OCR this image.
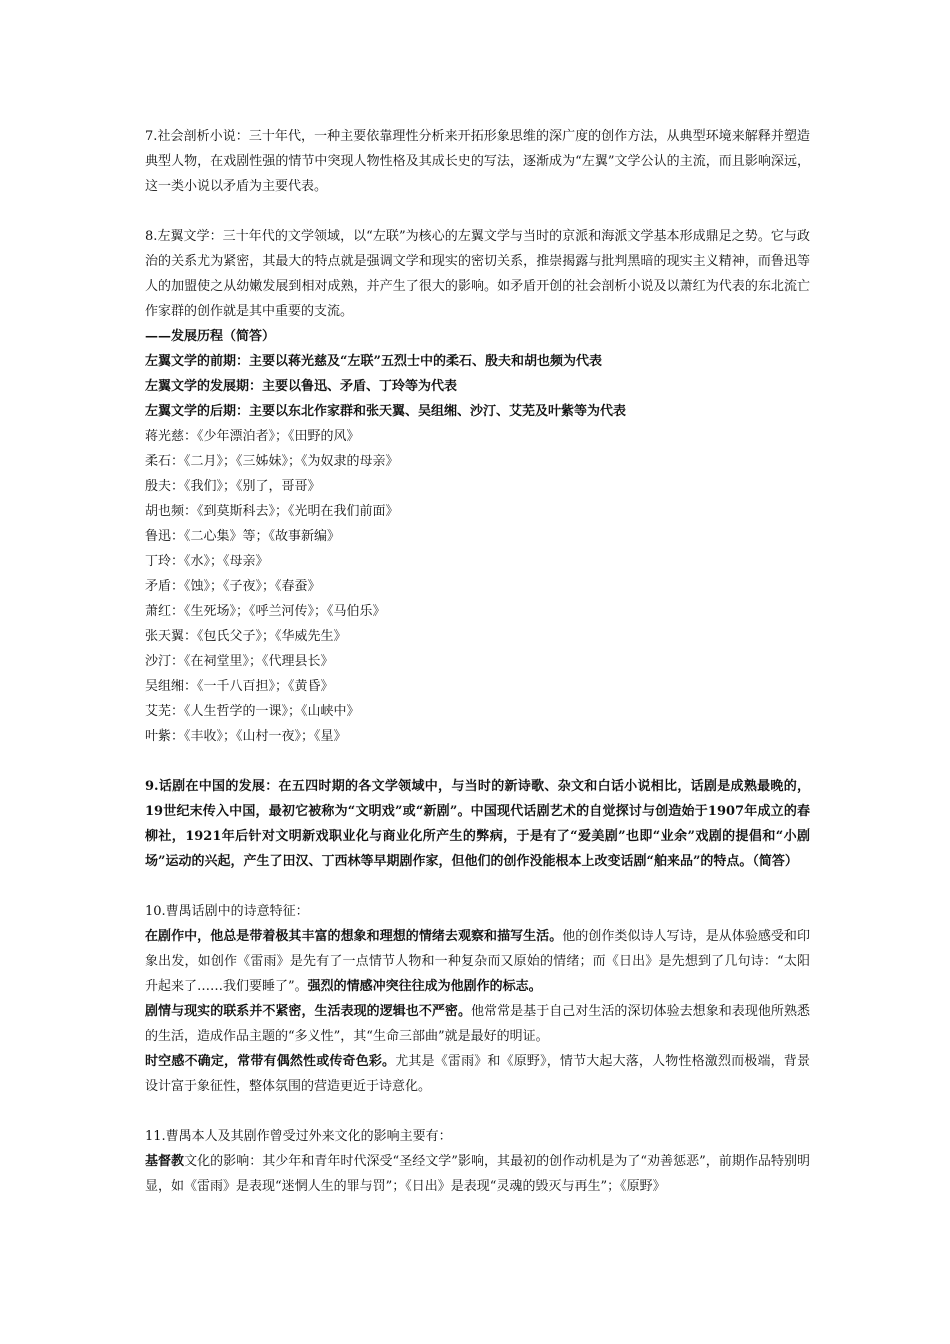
7.社会剖析小说：三十年代，一种主要依靠理性分析来开拓形象思维的深广度的创作方法，从典型环境来解释并塑造典型人物，在戏剧性强的情节中突现人物性格及其成长史的写法，逐渐成为“左翼”文学公认的主流，而且影响深远，这一类小说以矛盾为主要代表。

8.左翼文学：三十年代的文学领域，以“左联”为核心的左翼文学与当时的京派和海派文学基本形成鼎足之势。它与政治的关系尤为紧密，其最大的特点就是强调文学和现实的密切关系，推崇揭露与批判黑暗的现实主义精神，而鲁迅等人的加盟使之从幼嫩发展到相对成熟，并产生了很大的影响。如矛盾开创的社会剖析小说及以萧红为代表的东北流亡作家群的创作就是其中重要的支流。

——发展历程（简答）

左翼文学的前期：主要以蒋光慈及“左联”五烈士中的柔石、殷夫和胡也频为代表

左翼文学的发展期：主要以鲁迅、矛盾、丁玲等为代表

左翼文学的后期：主要以东北作家群和张天翼、吴组缃、沙汀、艾芜及叶紫等为代表

蒋光慈：《少年漂泊者》；《田野的风》

柔石：《二月》；《三姊妹》；《为奴隶的母亲》

殷夫：《我们》；《别了，哥哥》

胡也频：《到莫斯科去》；《光明在我们前面》

鲁迅：《二心集》等；《故事新编》

丁玲：《水》；《母亲》

矛盾：《蚀》；《子夜》；《春蚕》

萧红：《生死场》；《呼兰河传》；《马伯乐》

张天翼：《包氏父子》；《华威先生》

沙汀：《在祠堂里》；《代理县长》

吴组缃：《一千八百担》；《黄昏》

艾芜：《人生哲学的一课》；《山峡中》

叶紫：《丰收》；《山村一夜》；《星》

9.话剧在中国的发展：在五四时期的各文学领域中，与当时的新诗歌、杂文和白话小说相比，话剧是成熟最晚的，19世纪末传入中国，最初它被称为“文明戏”或“新剧”。中国现代话剧艺术的自觉探讨与创造始于1907年成立的春柳社，1921年后针对文明新戏职业化与商业化所产生的弊病，于是有了“爱美剧”也即“业余”戏剧的提倡和“小剧场”运动的兴起，产生了田汉、丁西林等早期剧作家，但他们的创作没能根本上改变话剧“舶来品”的特点。（简答）

10.曹禺话剧中的诗意特征：

在剧作中，他总是带着极其丰富的想象和理想的情绪去观察和描写生活。他的创作类似诗人写诗，是从体验感受和印象出发，如创作《雷雨》是先有了一点情节人物和一种复杂而又原始的情绪；而《日出》是先想到了几句诗：“太阳升起来了……我们要睡了”。强烈的情感冲突往往成为他剧作的标志。

剧情与现实的联系并不紧密，生活表现的逻辑也不严密。他常常是基于自己对生活的深切体验去想象和表现他所熟悉的生活，造成作品主题的“多义性”，其“生命三部曲”就是最好的明证。

时空感不确定，常带有偶然性或传奇色彩。尤其是《雷雨》和《原野》，情节大起大落，人物性格激烈而极端，背景设计富于象征性，整体氛围的营造更近于诗意化。

11.曹禺本人及其剧作曾受过外来文化的影响主要有：

基督教文化的影响：其少年和青年时代深受“圣经文学”影响，其最初的创作动机是为了“劝善惩恶”，前期作品特别明显，如《雷雨》是表现“迷惘人生的罪与罚”；《日出》是表现“灵魂的毁灭与再生”；《原野》
